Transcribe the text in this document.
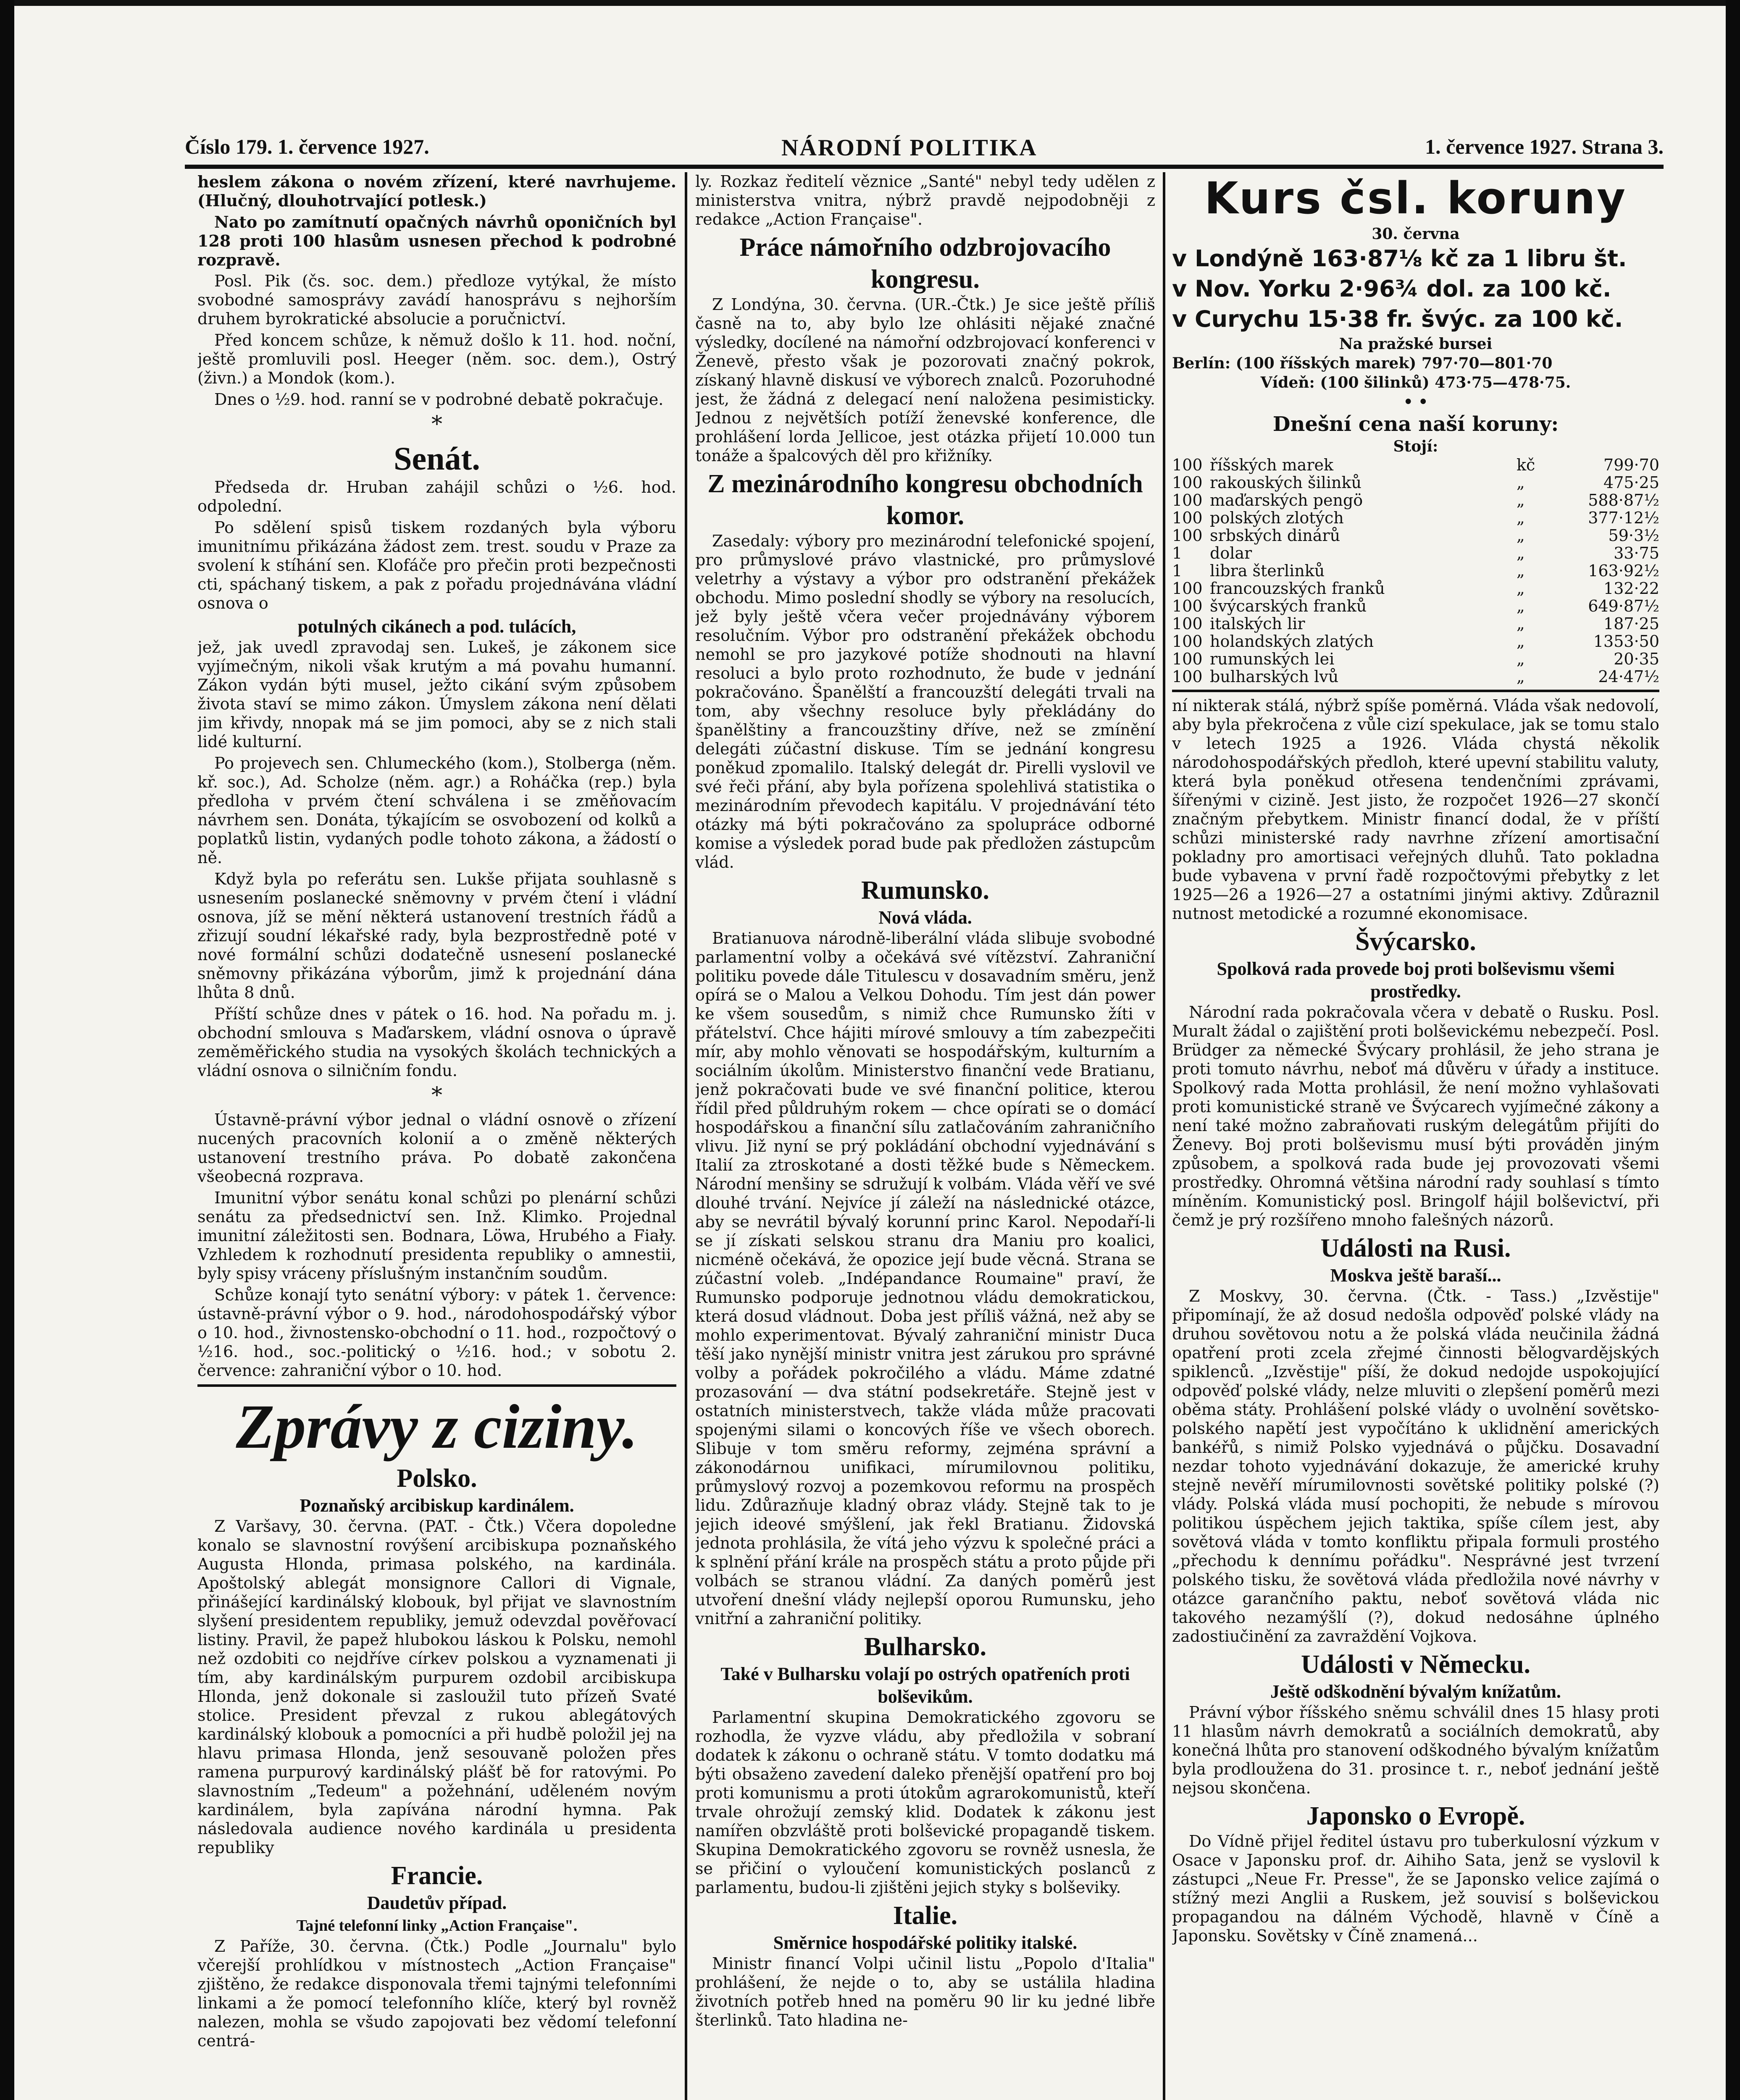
Číslo 179. 1. července 1927.	NÁRODNÍ POLITIKA	1. července 1927. Strana 3.

heslem zákona o novém zřízení, které navrhujeme. (Hlučný, dlouhotrvající potlesk.)

Nato po zamítnutí opačných návrhů oponičních byl 128 proti 100 hlasům usnesen přechod k podrobné rozpravě.

Posl. Pik (čs. soc. dem.) předloze vytýkal, že místo svobodné samosprávy zavádí hanosprávu s nejhorším druhem byrokratické absolucie a poručnictví.

Před koncem schůze, k němuž došlo k 11. hod. noční, ještě promluvili posl. Heeger (něm. soc. dem.), Ostrý (živn.) a Mondok (kom.).

Dnes o ½9. hod. ranní se v podrobné debatě pokračuje.

*
Senát.

Předseda dr. Hruban zahájil schůzi o ½6. hod. odpolední.

Po sdělení spisů tiskem rozdaných byla výboru imunitnímu přikázána žádost zem. trest. soudu v Praze za svolení k stíhání sen. Klofáče pro přečin proti bezpečnosti cti, spáchaný tiskem, a pak z pořadu projednávána vládní osnova o

potulných cikánech a pod. tulácích,

jež, jak uvedl zpravodaj sen. Lukeš, je zákonem sice vyjímečným, nikoli však krutým a má povahu humanní. Zákon vydán býti musel, ježto cikání svým způsobem života staví se mimo zákon. Úmyslem zákona není dělati jim křivdy, nnopak má se jim pomoci, aby se z nich stali lidé kulturní.

Po projevech sen. Chlumeckého (kom.), Stolberga (něm. kř. soc.), Ad. Scholze (něm. agr.) a Roháčka (rep.) byla předloha v prvém čtení schválena i se změňovacím návrhem sen. Donáta, týkajícím se osvobození od kolků a poplatků listin, vydaných podle tohoto zákona, a žádostí o ně.

Když byla po referátu sen. Lukše přijata souhlasně s usnesením poslanecké sněmovny v prvém čtení i vládní osnova, jíž se mění některá ustanovení trestních řádů a zřizují soudní lékařské rady, byla bezprostředně poté v nové formální schůzi dodatečně usnesení poslanecké sněmovny přikázána výborům, jimž k projednání dána lhůta 8 dnů.

Příští schůze dnes v pátek o 16. hod. Na pořadu m. j. obchodní smlouva s Maďarskem, vládní osnova o úpravě zeměměřického studia na vysokých školách technických a vládní osnova o silničním fondu.

*

Ústavně-právní výbor jednal o vládní osnově o zřízení nucených pracovních kolonií a o změně některých ustanovení trestního práva. Po dobatě zakončena všeobecná rozprava.

Imunitní výbor senátu konal schůzi po plenární schůzi senátu za předsednictví sen. Inž. Klimko. Projednal imunitní záležitosti sen. Bodnara, Löwa, Hrubého a Fiały. Vzhledem k rozhodnutí presidenta republiky o amnestii, byly spisy vráceny příslušným instančním soudům.

Schůze konají tyto senátní výbory: v pátek 1. července: ústavně-právní výbor o 9. hod., národohospodářský výbor o 10. hod., živnostensko-obchodní o 11. hod., rozpočtový o ½16. hod., soc.-politický o ½16. hod.; v sobotu 2. července: zahraniční výbor o 10. hod.

Zprávy z ciziny.
Polsko.
Poznaňský arcibiskup kardinálem.

Z Varšavy, 30. června. (PAT. - Čtk.) Včera dopoledne konalo se slavnostní rovýšení arcibiskupa poznaňského Augusta Hlonda, primasa polského, na kardinála. Apoštolský ablegát monsignore Callori di Vignale, přinášející kardinálský klobouk, byl přijat ve slavnostním slyšení presidentem republiky, jemuž odevzdal pověřovací listiny. Pravil, že papež hlubokou láskou k Polsku, nemohl než ozdobiti co nejdříve církev polskou a vyznamenati ji tím, aby kardinálským purpurem ozdobil arcibiskupa Hlonda, jenž dokonale si zasloužil tuto přízeň Svaté stolice. President převzal z rukou ablegátových kardinálský klobouk a pomocníci a při hudbě položil jej na hlavu primasa Hlonda, jenž sesouvaně položen přes ramena purpurový kardinálský plášť bě for ratovými. Po slavnostním „Tedeum" a požehnání, uděleném novým kardinálem, byla zapívána národní hymna. Pak následovala audience nového kardinála u presidenta republiky

Francie.
Daudetův případ.
Tajné telefonní linky „Action Française".

Z Paříže, 30. června. (Čtk.) Podle „Journalu" bylo včerejší prohlídkou v místnostech „Action Française" zjištěno, že redakce disponovala třemi tajnými telefonními linkami a že pomocí telefonního klíče, který byl rovněž nalezen, mohla se všudo zapojovati bez vědomí telefonní centrá-

ly. Rozkaz ředitelí věznice „Santé" nebyl tedy udělen z ministerstva vnitra, nýbrž pravdě nejpodobněji z redakce „Action Française".

Práce námořního odzbrojovacího kongresu.

Z Londýna, 30. června. (UR.-Čtk.) Je sice ještě příliš časně na to, aby bylo lze ohlásiti nějaké značné výsledky, docílené na námořní odzbrojovací konferenci v Ženevě, přesto však je pozorovati značný pokrok, získaný hlavně diskusí ve výborech znalců. Pozoruhodné jest, že žádná z delegací není naložena pesimisticky. Jednou z největších potíží ženevské konference, dle prohlášení lorda Jellicoe, jest otázka přijetí 10.000 tun tonáže a špalcových děl pro křižníky.

Z mezinárodního kongresu obchodních komor.

Zasedaly: výbory pro mezinárodní telefonické spojení, pro průmyslové právo vlastnické, pro průmyslové veletrhy a výstavy a výbor pro odstranění překážek obchodu. Mimo poslední shodly se výbory na resolucích, jež byly ještě včera večer projednávány výborem resolučním. Výbor pro odstranění překážek obchodu nemohl se pro jazykové potíže shodnouti na hlavní resoluci a bylo proto rozhodnuto, že bude v jednání pokračováno. Španělští a francouzští delegáti trvali na tom, aby všechny resoluce byly překládány do španělštiny a francouzštiny dříve, než se zmínění delegáti zúčastní diskuse. Tím se jednání kongresu poněkud zpomalilo. Italský delegát dr. Pirelli vyslovil ve své řeči přání, aby byla pořízena spolehlivá statistika o mezinárodním převodech kapitálu. V projednávání této otázky má býti pokračováno za spolupráce odborné komise a výsledek porad bude pak předložen zástupcům vlád.

Rumunsko.
Nová vláda.

Bratianuova národně-liberální vláda slibuje svobodné parlamentní volby a očekává své vítězství. Zahraniční politiku povede dále Titulescu v dosavadním směru, jenž opírá se o Malou a Velkou Dohodu. Tím jest dán power ke všem sousedům, s nimiž chce Rumunsko žíti v přátelství. Chce hájiti mírové smlouvy a tím zabezpečiti mír, aby mohlo věnovati se hospodářským, kulturním a sociálním úkolům. Ministerstvo finanční vede Bratianu, jenž pokračovati bude ve své finanční politice, kterou řídil před půldruhým rokem — chce opírati se o domácí hospodářskou a finanční sílu zatlačováním zahraničního vlivu. Již nyní se prý pokládání obchodní vyjednávání s Italií za ztroskotané a dosti těžké bude s Německem. Národní menšiny se sdružují k volbám. Vláda věří ve své dlouhé trvání. Nejvíce jí záleží na následnické otázce, aby se nevrátil bývalý korunní princ Karol. Nepodaří-li se jí získati selskou stranu dra Maniu pro koalici, nicméně očekává, že opozice její bude věcná. Strana se zúčastní voleb. „Indépandance Roumaine" praví, že Rumunsko podporuje jednotnou vládu demokratickou, která dosud vládnout. Doba jest příliš vážná, než aby se mohlo experimentovat. Bývalý zahraniční ministr Duca těší jako nynější ministr vnitra jest zárukou pro správné volby a pořádek pokročilého a vládu. Máme zdatné prozasování — dva státní podsekretáře. Stejně jest v ostatních ministerstvech, takže vláda může pracovati spojenými silami o koncových říše ve všech oborech. Slibuje v tom směru reformy, zejména správní a zákonodárnou unifikaci, mírumilovnou politiku, průmyslový rozvoj a pozemkovou reformu na prospěch lidu. Zdůrazňuje kladný obraz vlády. Stejně tak to je jejich ideové smýšlení, jak řekl Bratianu. Židovská jednota prohlásila, že vítá jeho výzvu k společné práci a k splnění přání krále na prospěch státu a proto půjde při volbách se stranou vládní. Za daných poměrů jest utvoření dnešní vlády nejlepší oporou Rumunsku, jeho vnitřní a zahraniční politiky.

Bulharsko.
Také v Bulharsku volají po ostrých opatřeních proti bolševikům.

Parlamentní skupina Demokratického zgovoru se rozhodla, že vyzve vládu, aby předložila v sobraní dodatek k zákonu o ochraně státu. V tomto dodatku má býti obsaženo zavedení daleko přenější opatření pro boj proti komunismu a proti útokům agrarokomunistů, kteří trvale ohrožují zemský klid. Dodatek k zákonu jest namířen obzvláště proti bolševické propagandě tiskem. Skupina Demokratického zgovoru se rovněž usnesla, že se přičiní o vyloučení komunistických poslanců z parlamentu, budou-li zjištěni jejich styky s bolševiky.

Italie.
Směrnice hospodářské politiky italské.

Ministr financí Volpi učinil listu „Popolo d'Italia" prohlášení, že nejde o to, aby se ustálila hladina životních potřeb hned na poměru 90 lir ku jedné libře šterlinků. Tato hladina ne-

Kurs čsl. koruny
30. června
v Londýně 163·87⅛ kč za 1 libru št.
v Nov. Yorku 2·96¾ dol. za 100 kč.
v Curychu 15·38 fr. švýc. za 100 kč.
Na pražské bursei
Berlín: (100 říšských marek) 797·70—801·70
Vídeň: (100 šilinků) 473·75—478·75.
• •
Dnešní cena naší koruny:
Stojí:
100	říšských marek	kč	799·70
100	rakouských šilinků	„	475·25
100	maďarských pengö	„	588·87½
100	polských zlotých	„	377·12½
100	srbských dinárů	„	59·3½
1	dolar	„	33·75
1	libra šterlinků	„	163·92½
100	francouzských franků	„	132·22
100	švýcarských franků	„	649·87½
100	italských lir	„	187·25
100	holandských zlatých	„	1353·50
100	rumunských lei	„	20·35
100	bulharských lvů	„	24·47½

ní nikterak stálá, nýbrž spíše poměrná. Vláda však nedovolí, aby byla překročena z vůle cizí spekulace, jak se tomu stalo v letech 1925 a 1926. Vláda chystá několik národohospodářských předloh, které upevní stabilitu valuty, která byla poněkud otřesena tendenčními zprávami, šířenými v cizině. Jest jisto, že rozpočet 1926—27 skončí značným přebytkem. Ministr financí dodal, že v příští schůzi ministerské rady navrhne zřízení amortisační pokladny pro amortisaci veřejných dluhů. Tato pokladna bude vybavena v první řadě rozpočtovými přebytky z let 1925—26 a 1926—27 a ostatními jinými aktivy. Zdůraznil nutnost metodické a rozumné ekonomisace.

Švýcarsko.
Spolková rada provede boj proti bolševismu všemi prostředky.

Národní rada pokračovala včera v debatě o Rusku. Posl. Muralt žádal o zajištění proti bolševickému nebezpečí. Posl. Brüdger za německé Švýcary prohlásil, že jeho strana je proti tomuto návrhu, neboť má důvěru v úřady a instituce. Spolkový rada Motta prohlásil, že není možno vyhlašovati proti komunistické straně ve Švýcarech vyjímečné zákony a není také možno zabraňovati ruským delegátům přijíti do Ženevy. Boj proti bolševismu musí býti prováděn jiným způsobem, a spolková rada bude jej provozovati všemi prostředky. Ohromná většina národní rady souhlasí s tímto míněním. Komunistický posl. Bringolf hájil bolševictví, při čemž je prý rozšířeno mnoho falešných názorů.

Události na Rusi.
Moskva ještě baraší...

Z Moskvy, 30. června. (Čtk. - Tass.) „Izvěstije" připomínají, že až dosud nedošla odpověď polské vlády na druhou sovětovou notu a že polská vláda neučinila žádná opatření proti zcela zřejmé činnosti bělogvardějských spiklenců. „Izvěstije" píší, že dokud nedojde uspokojující odpověď polské vlády, nelze mluviti o zlepšení poměrů mezi oběma státy. Prohlášení polské vlády o uvolnění sovětsko-polského napětí jest vypočítáno k uklidnění amerických bankéřů, s nimiž Polsko vyjednává o půjčku. Dosavadní nezdar tohoto vyjednávání dokazuje, že americké kruhy stejně nevěří mírumilovnosti sovětské politiky polské (?) vlády. Polská vláda musí pochopiti, že nebude s mírovou politikou úspěchem jejich taktika, spíše cílem jest, aby sovětová vláda v tomto konfliktu připala formuli prostého „přechodu k dennímu pořádku". Nesprávné jest tvrzení polského tisku, že sovětová vláda předložila nové návrhy v otázce garančního paktu, neboť sovětová vláda nic takového nezamýšlí (?), dokud nedosáhne úplného zadostiučinění za zavraždění Vojkova.

Události v Německu.
Ještě odškodnění bývalým knížatům.

Právní výbor říšského sněmu schválil dnes 15 hlasy proti 11 hlasům návrh demokratů a sociálních demokratů, aby konečná lhůta pro stanovení odškodného bývalým knížatům byla prodloužena do 31. prosince t. r., neboť jednání ještě nejsou skončena.

Japonsko o Evropě.

Do Vídně přijel ředitel ústavu pro tuberkulosní výzkum v Osace v Japonsku prof. dr. Aihiho Sata, jenž se vyslovil k zástupci „Neue Fr. Presse", že se Japonsko velice zajímá o stížný mezi Anglii a Ruskem, jež souvisí s bolševickou propagandou na dálném Východě, hlavně v Číně a Japonsku. Sovětsky v Číně znamená...
